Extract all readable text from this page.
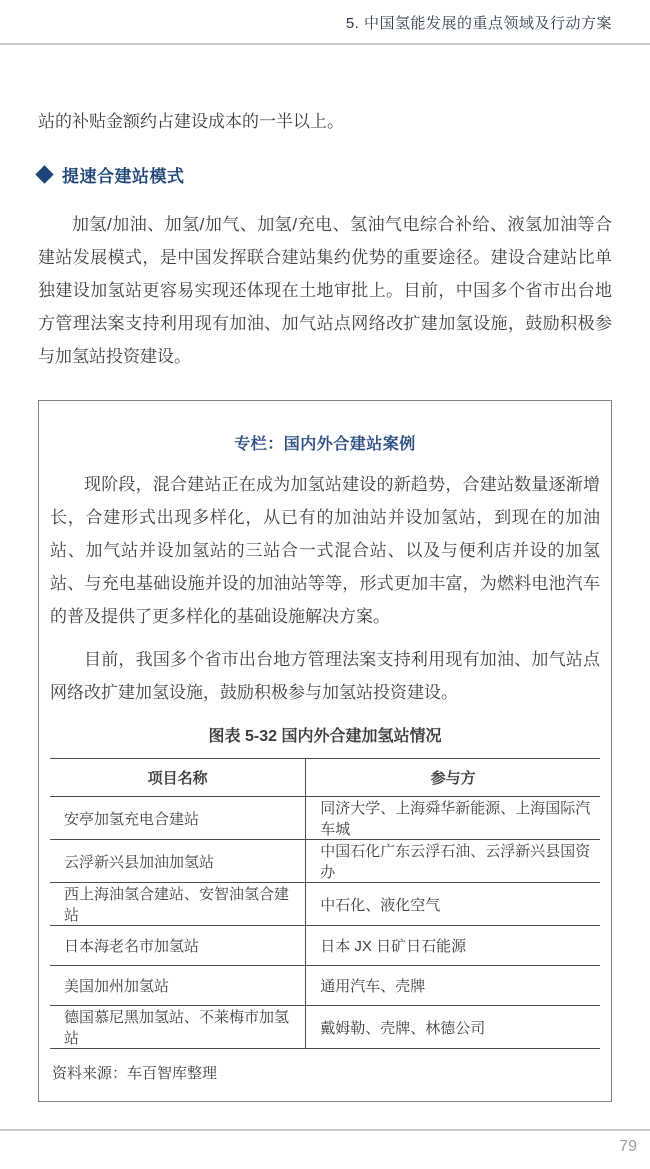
5. 中国氢能发展的重点领域及行动方案

站的补贴金额约占建设成本的一半以上。

提速合建站模式

加氢/加油、加氢/加气、加氢/充电、氢油气电综合补给、液氢加油等合建站发展模式，是中国发挥联合建站集约优势的重要途径。建设合建站比单独建设加氢站更容易实现还体现在土地审批上。目前，中国多个省市出台地方管理法案支持利用现有加油、加气站点网络改扩建加氢设施，鼓励积极参与加氢站投资建设。

专栏：国内外合建站案例

现阶段，混合建站正在成为加氢站建设的新趋势，合建站数量逐渐增长，合建形式出现多样化，从已有的加油站并设加氢站，到现在的加油站、加气站并设加氢站的三站合一式混合站、以及与便利店并设的加氢站、与充电基础设施并设的加油站等等，形式更加丰富，为燃料电池汽车的普及提供了更多样化的基础设施解决方案。

目前，我国多个省市出台地方管理法案支持利用现有加油、加气站点网络改扩建加氢设施，鼓励积极参与加氢站投资建设。

图表 5-32 国内外合建加氢站情况
项目名称	参与方
安亭加氢充电合建站	同济大学、上海舜华新能源、上海国际汽车城
云浮新兴县加油加氢站	中国石化广东云浮石油、云浮新兴县国资办
西上海油氢合建站、安智油氢合建站	中石化、液化空气
日本海老名市加氢站	日本 JX 日矿日石能源
美国加州加氢站	通用汽车、壳牌
德国慕尼黑加氢站、不莱梅市加氢站	戴姆勒、壳牌、林德公司
资料来源：车百智库整理
79
